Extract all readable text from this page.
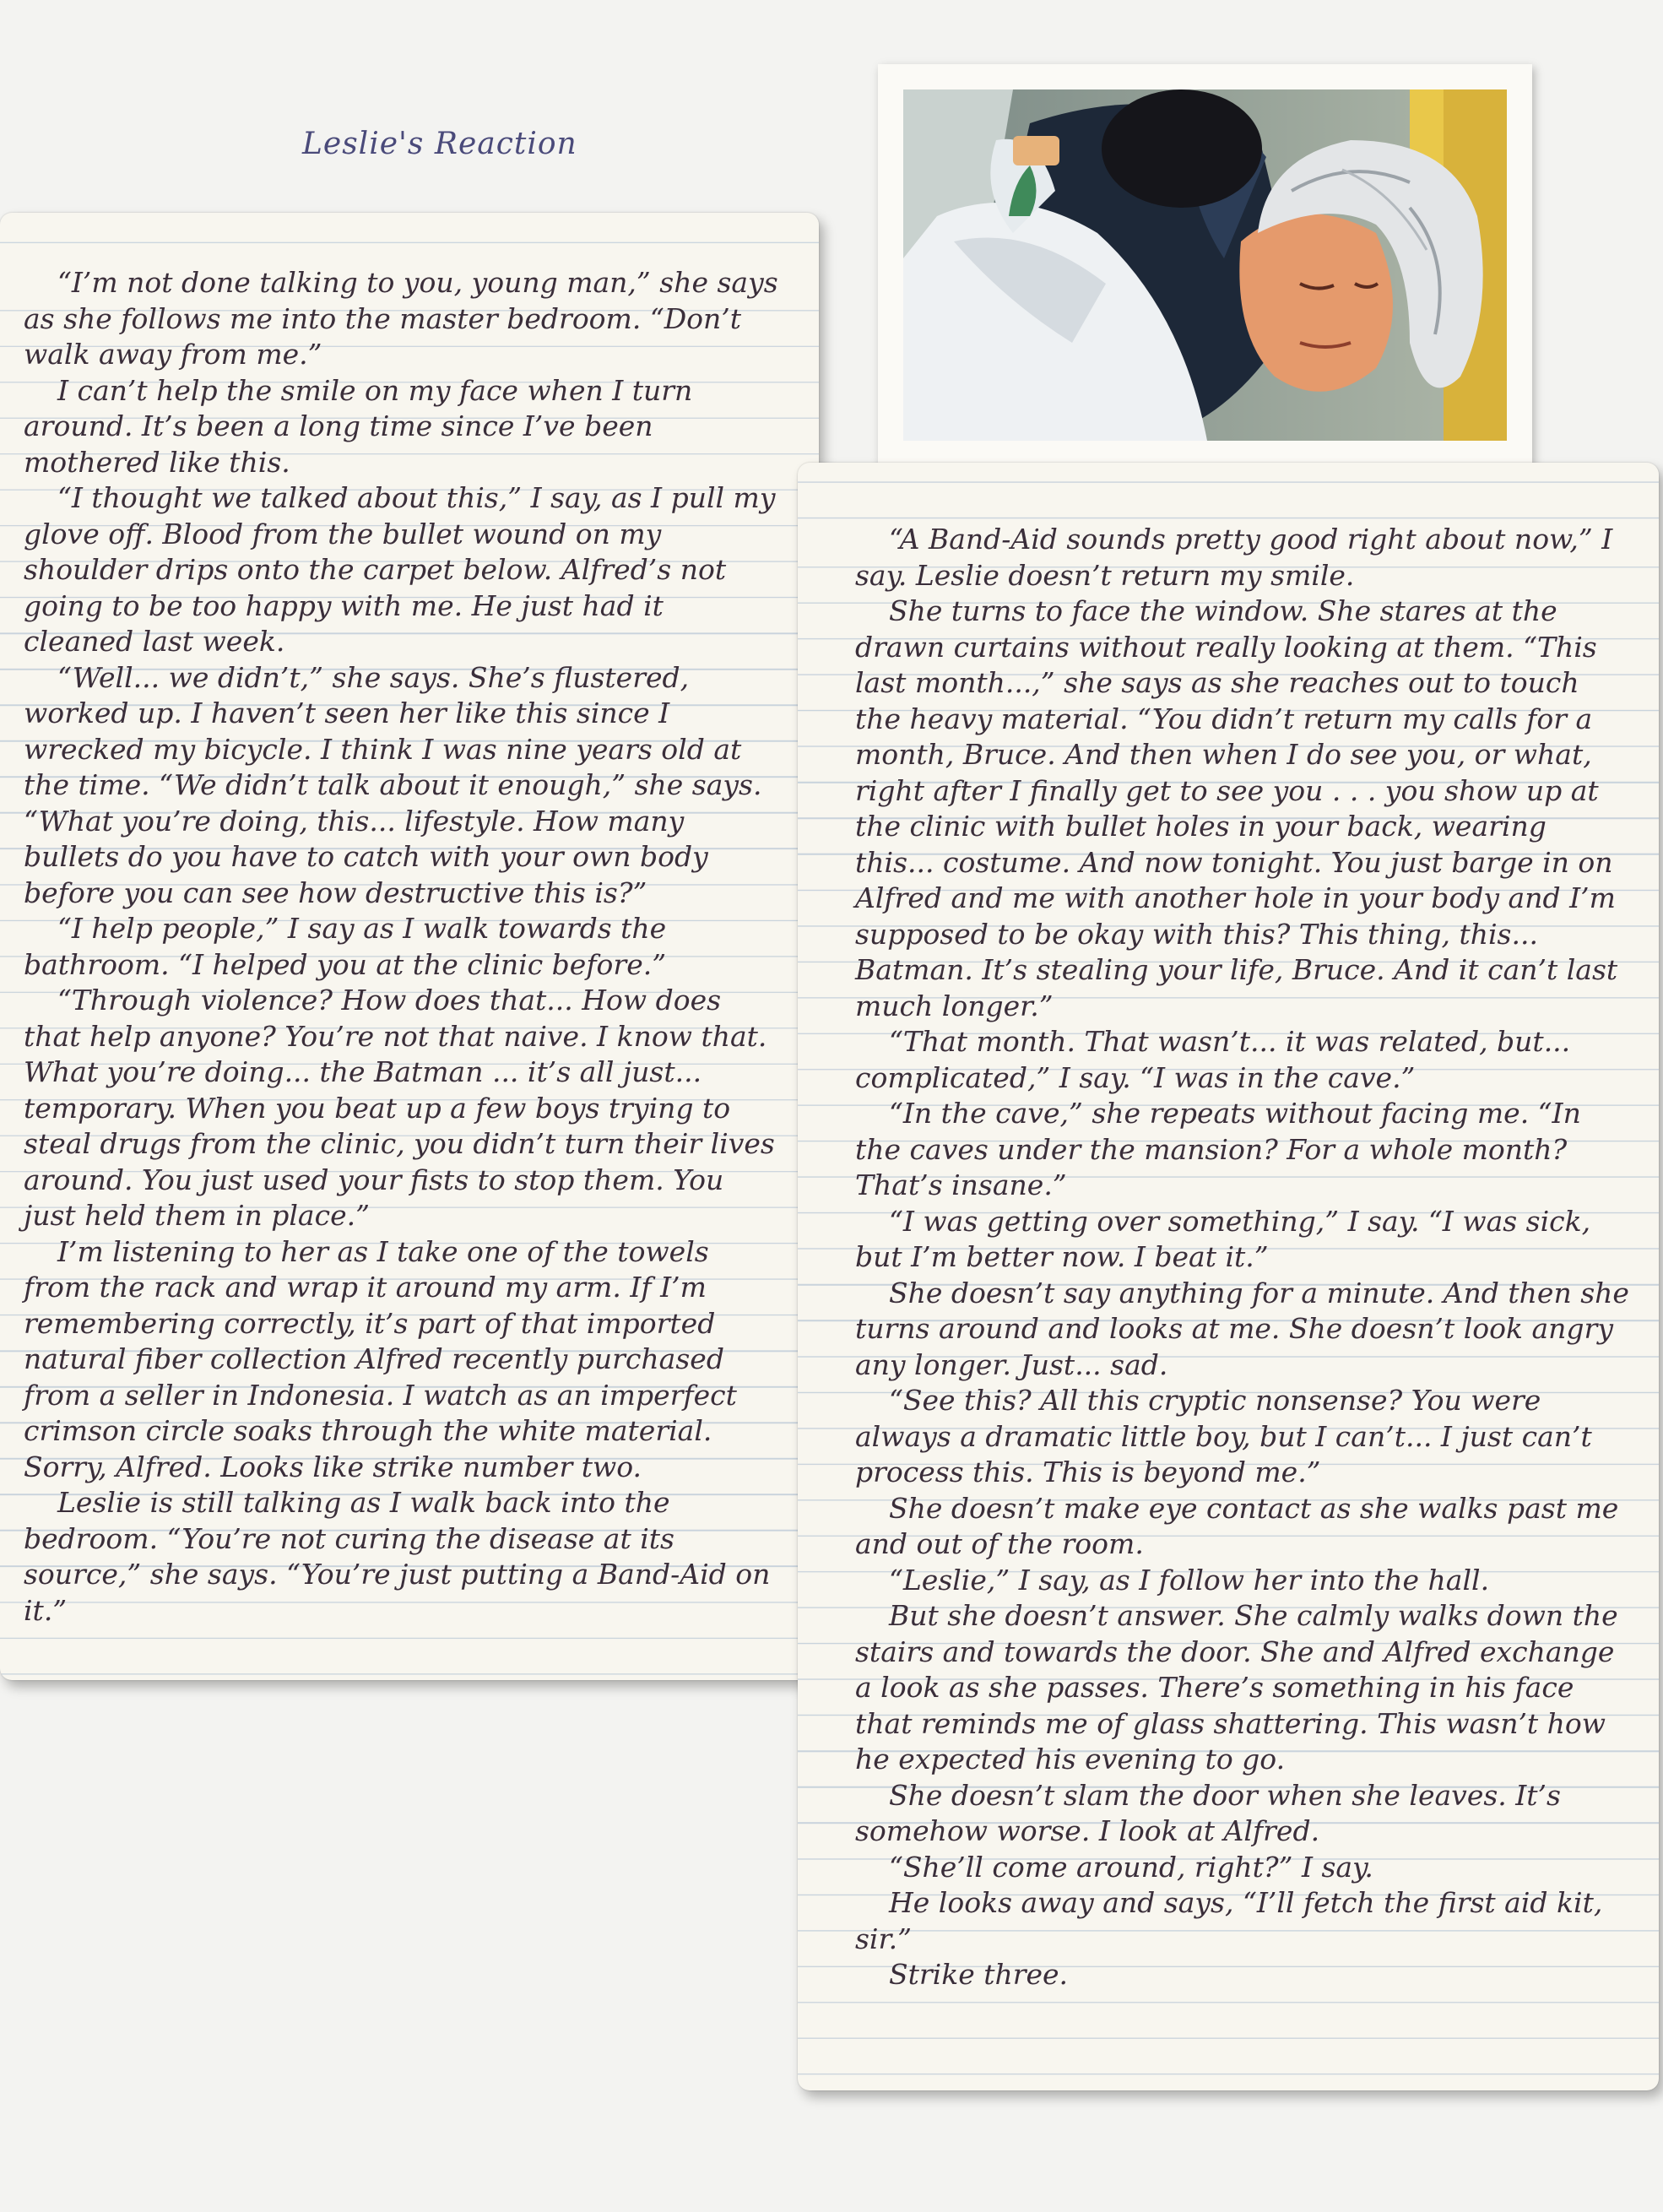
Leslie's Reaction

“I’m not done talking to you, young man,” she says as she follows me into the master bedroom. “Don’t walk away from me.”

I can’t help the smile on my face when I turn around. It’s been a long time since I’ve been mothered like this.

“I thought we talked about this,” I say, as I pull my glove off. Blood from the bullet wound on my shoulder drips onto the carpet below. Alfred’s not going to be too happy with me. He just had it cleaned last week.

“Well... we didn’t,” she says. She’s flustered, worked up. I haven’t seen her like this since I wrecked my bicycle. I think I was nine years old at the time. “We didn’t talk about it enough,” she says. “What you’re doing, this... lifestyle. How many bullets do you have to catch with your own body before you can see how destructive this is?”

“I help people,” I say as I walk towards the bathroom. “I helped you at the clinic before.”

“Through violence? How does that... How does that help anyone? You’re not that naive. I know that. What you’re doing... the Batman ... it’s all just... temporary. When you beat up a few boys trying to steal drugs from the clinic, you didn’t turn their lives around. You just used your fists to stop them. You just held them in place.”

I’m listening to her as I take one of the towels from the rack and wrap it around my arm. If I’m remembering correctly, it’s part of that imported natural fiber collection Alfred recently purchased from a seller in Indonesia. I watch as an imperfect crimson circle soaks through the white material. Sorry, Alfred. Looks like strike number two.

Leslie is still talking as I walk back into the bedroom. “You’re not curing the disease at its source,” she says. “You’re just putting a Band-Aid on it.”

“A Band-Aid sounds pretty good right about now,” I say. Leslie doesn’t return my smile.

She turns to face the window. She stares at the drawn curtains without really looking at them. “This last month...,” she says as she reaches out to touch the heavy material. “You didn’t return my calls for a month, Bruce. And then when I do see you, or what, right after I finally get to see you . . . you show up at the clinic with bullet holes in your back, wearing this... costume. And now tonight. You just barge in on Alfred and me with another hole in your body and I’m supposed to be okay with this? This thing, this... Batman. It’s stealing your life, Bruce. And it can’t last much longer.”

“That month. That wasn’t... it was related, but... complicated,” I say. “I was in the cave.”

“In the cave,” she repeats without facing me. “In the caves under the mansion? For a whole month? That’s insane.”

“I was getting over something,” I say. “I was sick, but I’m better now. I beat it.”

She doesn’t say anything for a minute. And then she turns around and looks at me. She doesn’t look angry any longer. Just... sad.

“See this? All this cryptic nonsense? You were always a dramatic little boy, but I can’t... I just can’t process this. This is beyond me.”

She doesn’t make eye contact as she walks past me and out of the room.

“Leslie,” I say, as I follow her into the hall.

But she doesn’t answer. She calmly walks down the stairs and towards the door. She and Alfred exchange a look as she passes. There’s something in his face that reminds me of glass shattering. This wasn’t how he expected his evening to go.

She doesn’t slam the door when she leaves. It’s somehow worse. I look at Alfred.

“She’ll come around, right?” I say.

He looks away and says, “I’ll fetch the first aid kit, sir.”

Strike three.
